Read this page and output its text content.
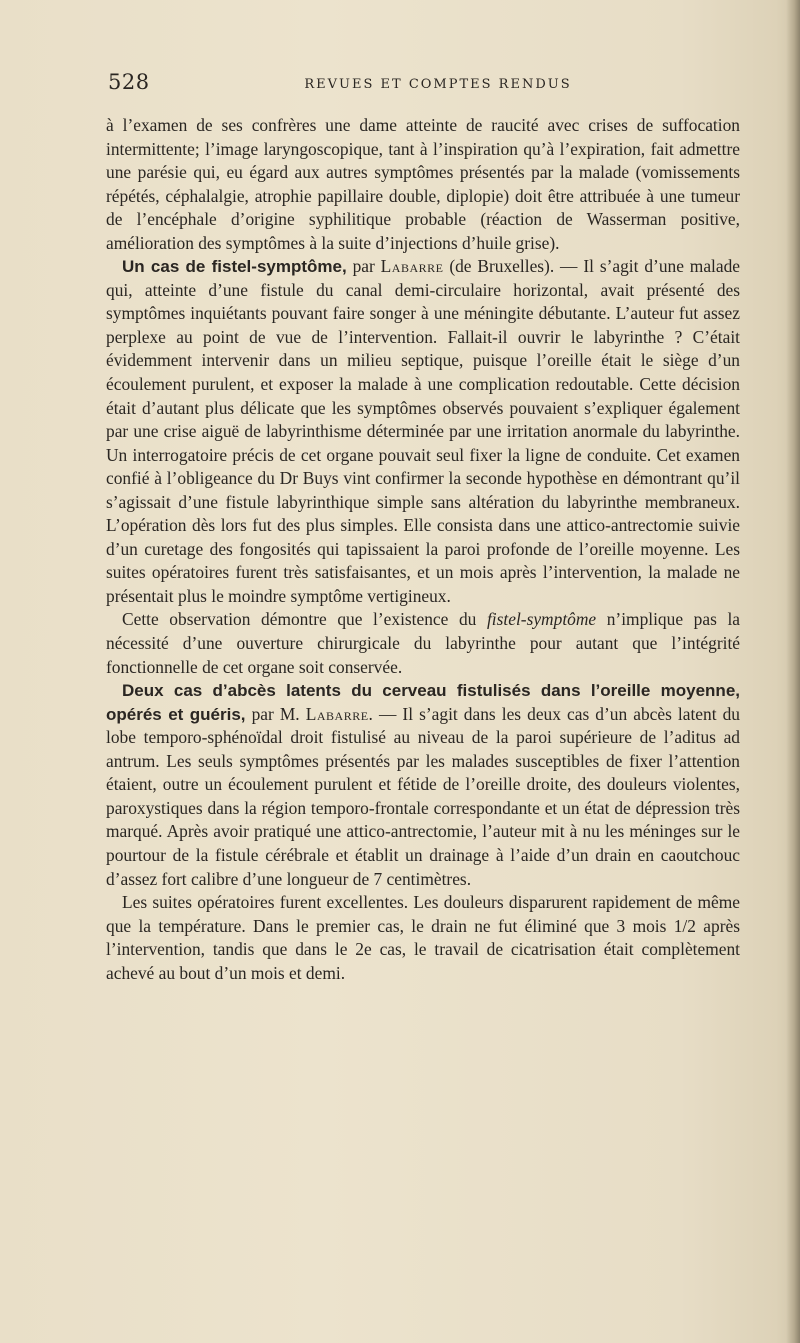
528	REVUES ET COMPTES RENDUS

à l’examen de ses confrères une dame atteinte de raucité avec crises de suffocation intermittente; l’image laryngoscopique, tant à l’inspiration qu’à l’expiration, fait admettre une parésie qui, eu égard aux autres symptômes présentés par la malade (vomissements répétés, céphalalgie, atrophie papillaire double, diplopie) doit être attribuée à une tumeur de l’encéphale d’origine syphilitique probable (réaction de Wasserman positive, amélioration des symptômes à la suite d’injections d’huile grise).

Un cas de fistel-symptôme, par Labarre (de Bruxelles). — Il s’agit d’une malade qui, atteinte d’une fistule du canal demi-circulaire horizontal, avait présenté des symptômes inquiétants pouvant faire songer à une méningite débutante. L’auteur fut assez perplexe au point de vue de l’intervention. Fallait-il ouvrir le labyrinthe ? C’était évidemment intervenir dans un milieu septique, puisque l’oreille était le siège d’un écoulement purulent, et exposer la malade à une complication redoutable. Cette décision était d’autant plus délicate que les symptômes observés pouvaient s’expliquer également par une crise aiguë de labyrinthisme déterminée par une irritation anormale du labyrinthe. Un interrogatoire précis de cet organe pouvait seul fixer la ligne de conduite. Cet examen confié à l’obligeance du Dr Buys vint confirmer la seconde hypothèse en démontrant qu’il s’agissait d’une fistule labyrinthique simple sans altération du labyrinthe membraneux. L’opération dès lors fut des plus simples. Elle consista dans une attico-antrectomie suivie d’un curetage des fongosités qui tapissaient la paroi profonde de l’oreille moyenne. Les suites opératoires furent très satisfaisantes, et un mois après l’intervention, la malade ne présentait plus le moindre symptôme vertigineux.

Cette observation démontre que l’existence du fistel-symptôme n’implique pas la nécessité d’une ouverture chirurgicale du labyrinthe pour autant que l’intégrité fonctionnelle de cet organe soit conservée.

Deux cas d’abcès latents du cerveau fistulisés dans l’oreille moyenne, opérés et guéris, par M. Labarre. — Il s’agit dans les deux cas d’un abcès latent du lobe temporo-sphénoïdal droit fistulisé au niveau de la paroi supérieure de l’aditus ad antrum. Les seuls symptômes présentés par les malades susceptibles de fixer l’attention étaient, outre un écoulement purulent et fétide de l’oreille droite, des douleurs violentes, paroxystiques dans la région temporo-frontale correspondante et un état de dépression très marqué. Après avoir pratiqué une attico-antrectomie, l’auteur mit à nu les méninges sur le pourtour de la fistule cérébrale et établit un drainage à l’aide d’un drain en caoutchouc d’assez fort calibre d’une longueur de 7 centimètres.

Les suites opératoires furent excellentes. Les douleurs disparurent rapidement de même que la température. Dans le premier cas, le drain ne fut éliminé que 3 mois 1/2 après l’intervention, tandis que dans le 2e cas, le travail de cicatrisation était complètement achevé au bout d’un mois et demi.
